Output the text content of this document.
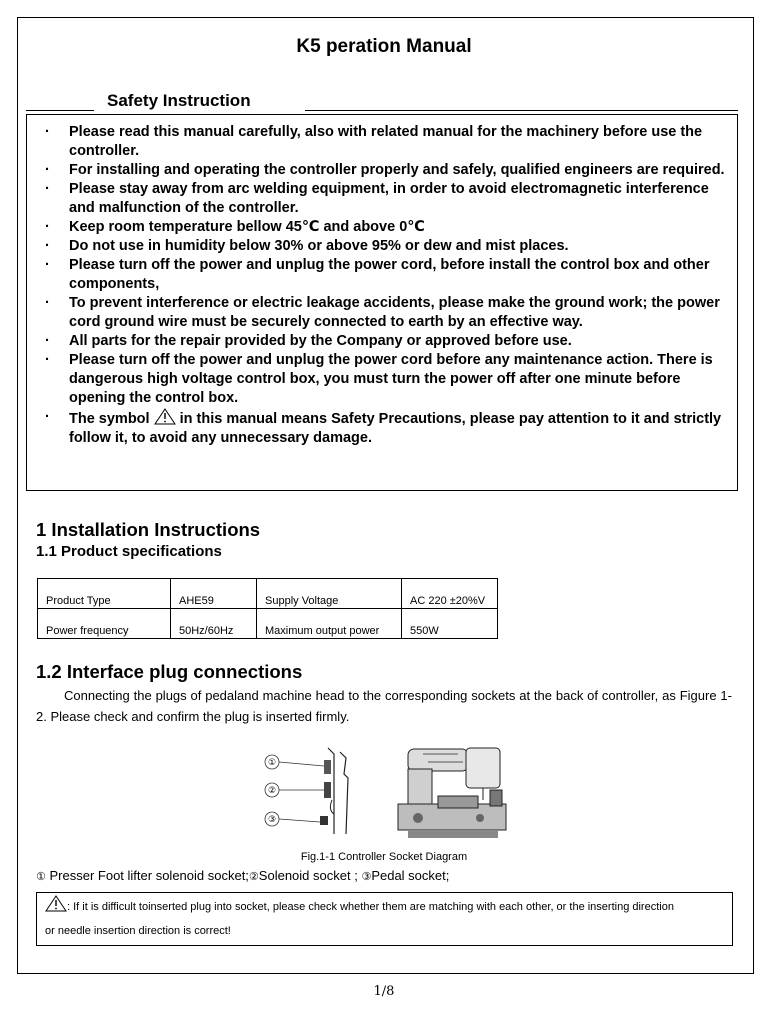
K5 peration Manual
Safety Instruction
· Please read this manual carefully, also with related manual for the machinery before use the controller.
· For installing and operating the controller properly and safely, qualified engineers are required.
· Please stay away from arc welding equipment, in order to avoid electromagnetic interference and malfunction of the controller.
· Keep room temperature bellow 45℃ and above 0℃
· Do not use in humidity below 30% or above 95% or dew and mist places.
· Please turn off the power and unplug the power cord, before install the control box and other components,
· To prevent interference or electric leakage accidents, please make the ground work; the power cord ground wire must be securely connected to earth by an effective way.
· All parts for the repair provided by the Company or approved before use.
· Please turn off the power and unplug the power cord before any maintenance action. There is dangerous high voltage control box, you must turn the power off after one minute before opening the control box.
· The symbol in this manual means Safety Precautions, please pay attention to it and strictly follow it, to avoid any unnecessary damage.
1 Installation Instructions
1.1 Product specifications
Product Type	AHE59	Supply Voltage	AC 220 ±20%V
Power frequency	50Hz/60Hz	Maximum output power	550W
1.2 Interface plug connections
Connecting the plugs of pedaland machine head to the corresponding sockets at the back of controller, as Figure 1-2. Please check and confirm the plug is inserted firmly.
①
②
③
Fig.1-1 Controller Socket Diagram
① Presser Foot lifter solenoid socket;②Solenoid socket ; ③Pedal socket;
: If it is difficult toinserted plug into socket, please check whether them are matching with each other, or the inserting direction
or needle insertion direction is correct!
1/8
